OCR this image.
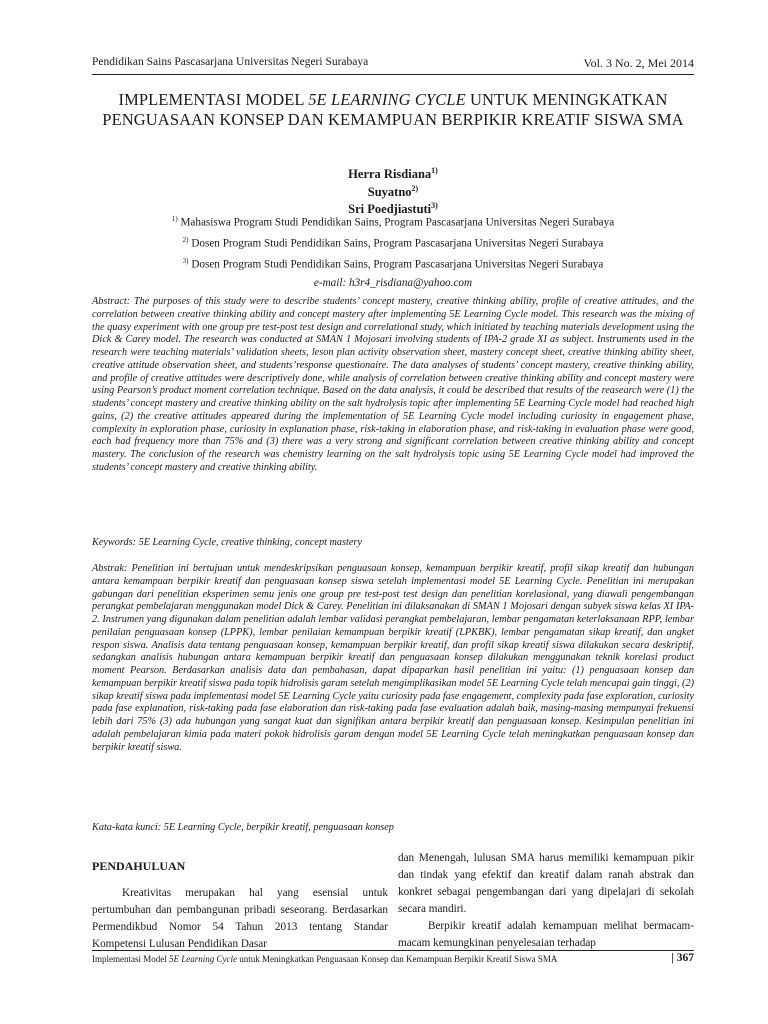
Pendidikan Sains Pascasarjana Universitas Negeri Surabaya	Vol. 3 No. 2, Mei 2014
IMPLEMENTASI MODEL 5E LEARNING CYCLE UNTUK MENINGKATKAN PENGUASAAN KONSEP DAN KEMAMPUAN BERPIKIR KREATIF SISWA SMA
Herra Risdiana$^{1)}$
Suyatno$^{2)}$
Sri Poedjiastuti$^{3)}$
$^{1)}$ Mahasiswa Program Studi Pendidikan Sains, Program Pascasarjana Universitas Negeri Surabaya
$^{2)}$ Dosen Program Studi Pendidikan Sains, Program Pascasarjana Universitas Negeri Surabaya
$^{3)}$ Dosen Program Studi Pendidikan Sains, Program Pascasarjana Universitas Negeri Surabaya
e-mail: h3r4_risdiana@yahoo.com
Abstract: The purposes of this study were to describe students’ concept mastery, creative thinking ability, profile of creative attitudes, and the correlation between creative thinking ability and concept mastery after implementing 5E Learning Cycle model. This research was the mixing of the quasy experiment with one group pre test-post test design and correlational study, which initiated by teaching materials development using the Dick & Carey model. The research was conducted at SMAN 1 Mojosari involving students of IPA-2 grade XI as subject. Instruments used in the research were teaching materials’ validation sheets, leson plan activity observation sheet, mastery concept sheet, creative thinking ability sheet, creative attitude observation sheet, and students’response questionaire. The data analyses of students’ concept mastery, creative thinking ability, and profile of creative attitudes were descriptively done, while analysis of correlation between creative thinking ability and concept mastery were using Pearson’s product moment correlation technique. Based on the data analysis, it could be described that results of the reasearch were (1) the students’ concept mastery and creative thinking ability on the salt hydrolysis topic after implementing 5E Learning Cycle model had reached high gains, (2) the creative attitudes appeared during the implementation of 5E Learning Cycle model including curiosity in engagement phase, complexity in exploration phase, curiosity in explanation phase, risk-taking in elaboration phase, and risk-taking in evaluation phase were good, each had frequency more than 75% and (3) there was a very strong and significant correlation between creative thinking ability and concept mastery. The conclusion of the research was chemistry learning on the salt hydrolysis topic using 5E Learning Cycle model had improved the students’ concept mastery and creative thinking ability.
Keywords: 5E Learning Cycle, creative thinking, concept mastery
Abstrak: Penelitian ini bertujuan untuk mendeskripsikan penguasaan konsep, kemampuan berpikir kreatif, profil sikap kreatif dan hubungan antara kemampuan berpikir kreatif dan penguasaan konsep siswa setelah implementasi model 5E Learning Cycle. Penelitian ini merupakan gabungan dari penelitian eksperimen semu jenis one group pre test-post test design dan penelitian korelasional, yang diawali pengembangan perangkat pembelajaran menggunakan model Dick & Carey. Penelitian ini dilaksanakan di SMAN 1 Mojosari dengan subyek siswa kelas XI IPA-2. Instrumen yang digunakan dalam penelitian adalah lembar validasi perangkat pembelajaran, lembar pengamatan keterlaksanaan RPP, lembar penilaian penguasaan konsep (LPPK), lembar penilaian kemampuan berpikir kreatif (LPKBK), lembar pengamatan sikap kreatif, dan angket respon siswa. Analisis data tentang penguasaan konsep, kemampuan berpikir kreatif, dan profil sikap kreatif siswa dilakukan secara deskriptif, sedangkan analisis hubungan antara kemampuan berpikir kreatif dan penguasaan konsep dilakukan menggunakan teknik korelasi product moment Pearson. Berdasarkan analisis data dan pembahasan, dapat dipaparkan hasil penelitian ini yaitu: (1) penguasaan konsep dan kemampuan berpikir kreatif siswa pada topik hidrolisis garam setelah mengimplikasikan model 5E Learning Cycle telah mencapai gain tinggi, (2) sikap kreatif siswa pada implementasi model 5E Learning Cycle yaitu curiosity pada fase engagement, complexity pada fase exploration, curiosity pada fase explanation, risk-taking pada fase elaboration dan risk-taking pada fase evaluation adalah baik, masing-masing mempunyai frekuensi lebih dari 75% (3) ada hubungan yang sangat kuat dan signifikan antara berpikir kreatif dan penguasaan konsep. Kesimpulan penelitian ini adalah pembelajaran kimia pada materi pokok hidrolisis garam dengan model 5E Learning Cycle telah meningkatkan penguasaan konsep dan berpikir kreatif siswa.
Kata-kata kunci: 5E Learning Cycle, berpikir kreatif, penguasaan konsep
PENDAHULUAN

Kreativitas merupakan hal yang esensial untuk pertumbuhan dan pembangunan pribadi seseorang. Berdasarkan Permendikbud Nomor 54 Tahun 2013 tentang Standar Kompetensi Lulusan Pendidikan Dasar

dan Menengah, lulusan SMA harus memiliki kemampuan pikir dan tindak yang efektif dan kreatif dalam ranah abstrak dan konkret sebagai pengembangan dari yang dipelajari di sekolah secara mandiri.

Berpikir kreatif adalah kemampuan melihat bermacam-macam kemungkinan penyelesaian terhadap

Implementasi Model 5E Learning Cycle untuk Meningkatkan Penguasaan Konsep dan Kemampuan Berpikir Kreatif Siswa SMA	| 367
